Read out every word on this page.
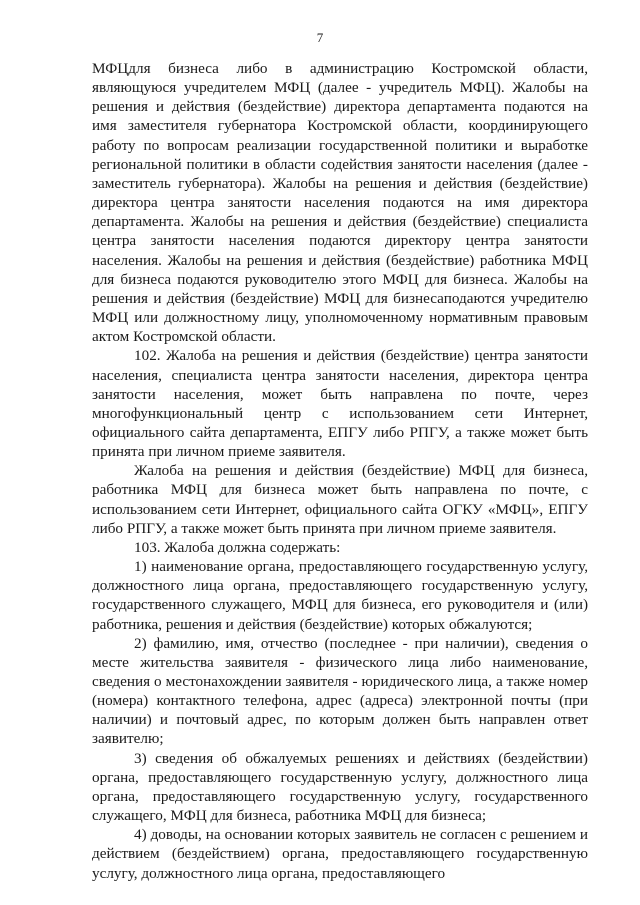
7

МФЦдля бизнеса либо в администрацию Костромской области, являющуюся учредителем МФЦ (далее - учредитель МФЦ). Жалобы на решения и действия (бездействие) директора департамента подаются на имя заместителя губернатора Костромской области, координирующего работу по вопросам реализации государственной политики и выработке региональной политики в области содействия занятости населения (далее - заместитель губернатора). Жалобы на решения и действия (бездействие) директора центра занятости населения подаются на имя директора департамента. Жалобы на решения и действия (бездействие) специалиста центра занятости населения подаются директору центра занятости населения. Жалобы на решения и действия (бездействие) работника МФЦ для бизнеса подаются руководителю этого МФЦ для бизнеса. Жалобы на решения и действия (бездействие) МФЦ для бизнесаподаются учредителю МФЦ или должностному лицу, уполномоченному нормативным правовым актом Костромской области.

102. Жалоба на решения и действия (бездействие) центра занятости населения, специалиста центра занятости населения, директора центра занятости населения, может быть направлена по почте, через многофункциональный центр с использованием сети Интернет, официального сайта департамента, ЕПГУ либо РПГУ, а также может быть принята при личном приеме заявителя.

Жалоба на решения и действия (бездействие) МФЦ для бизнеса, работника МФЦ для бизнеса может быть направлена по почте, с использованием сети Интернет, официального сайта ОГКУ «МФЦ», ЕПГУ либо РПГУ, а также может быть принята при личном приеме заявителя.

103. Жалоба должна содержать:

1) наименование органа, предоставляющего государственную услугу, должностного лица органа, предоставляющего государственную услугу, государственного служащего, МФЦ для бизнеса, его руководителя и (или) работника, решения и действия (бездействие) которых обжалуются;

2) фамилию, имя, отчество (последнее - при наличии), сведения о месте жительства заявителя - физического лица либо наименование, сведения о местонахождении заявителя - юридического лица, а также номер (номера) контактного телефона, адрес (адреса) электронной почты (при наличии) и почтовый адрес, по которым должен быть направлен ответ заявителю;

3) сведения об обжалуемых решениях и действиях (бездействии) органа, предоставляющего государственную услугу, должностного лица органа, предоставляющего государственную услугу, государственного служащего, МФЦ для бизнеса, работника МФЦ для бизнеса;

4) доводы, на основании которых заявитель не согласен с решением и действием (бездействием) органа, предоставляющего государственную услугу, должностного лица органа, предоставляющего
